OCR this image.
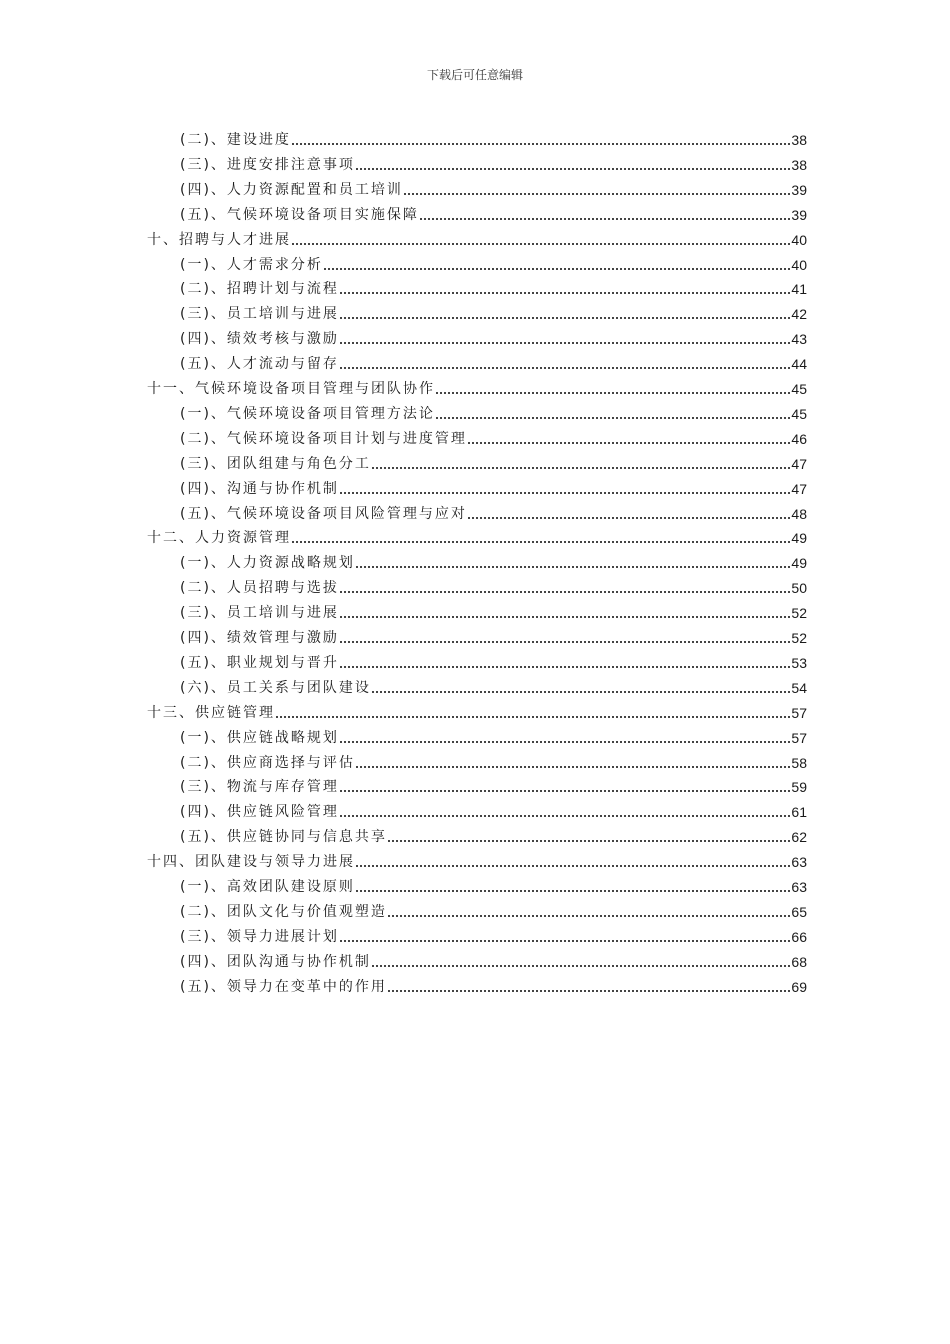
下载后可任意编辑
(二)、建设进度	38
(三)、进度安排注意事项	38
(四)、人力资源配置和员工培训	39
(五)、气候环境设备项目实施保障	39
十、招聘与人才进展	40
(一)、人才需求分析	40
(二)、招聘计划与流程	41
(三)、员工培训与进展	42
(四)、绩效考核与激励	43
(五)、人才流动与留存	44
十一、气候环境设备项目管理与团队协作	45
(一)、气候环境设备项目管理方法论	45
(二)、气候环境设备项目计划与进度管理	46
(三)、团队组建与角色分工	47
(四)、沟通与协作机制	47
(五)、气候环境设备项目风险管理与应对	48
十二、人力资源管理	49
(一)、人力资源战略规划	49
(二)、人员招聘与选拔	50
(三)、员工培训与进展	52
(四)、绩效管理与激励	52
(五)、职业规划与晋升	53
(六)、员工关系与团队建设	54
十三、供应链管理	57
(一)、供应链战略规划	57
(二)、供应商选择与评估	58
(三)、物流与库存管理	59
(四)、供应链风险管理	61
(五)、供应链协同与信息共享	62
十四、团队建设与领导力进展	63
(一)、高效团队建设原则	63
(二)、团队文化与价值观塑造	65
(三)、领导力进展计划	66
(四)、团队沟通与协作机制	68
(五)、领导力在变革中的作用	69
